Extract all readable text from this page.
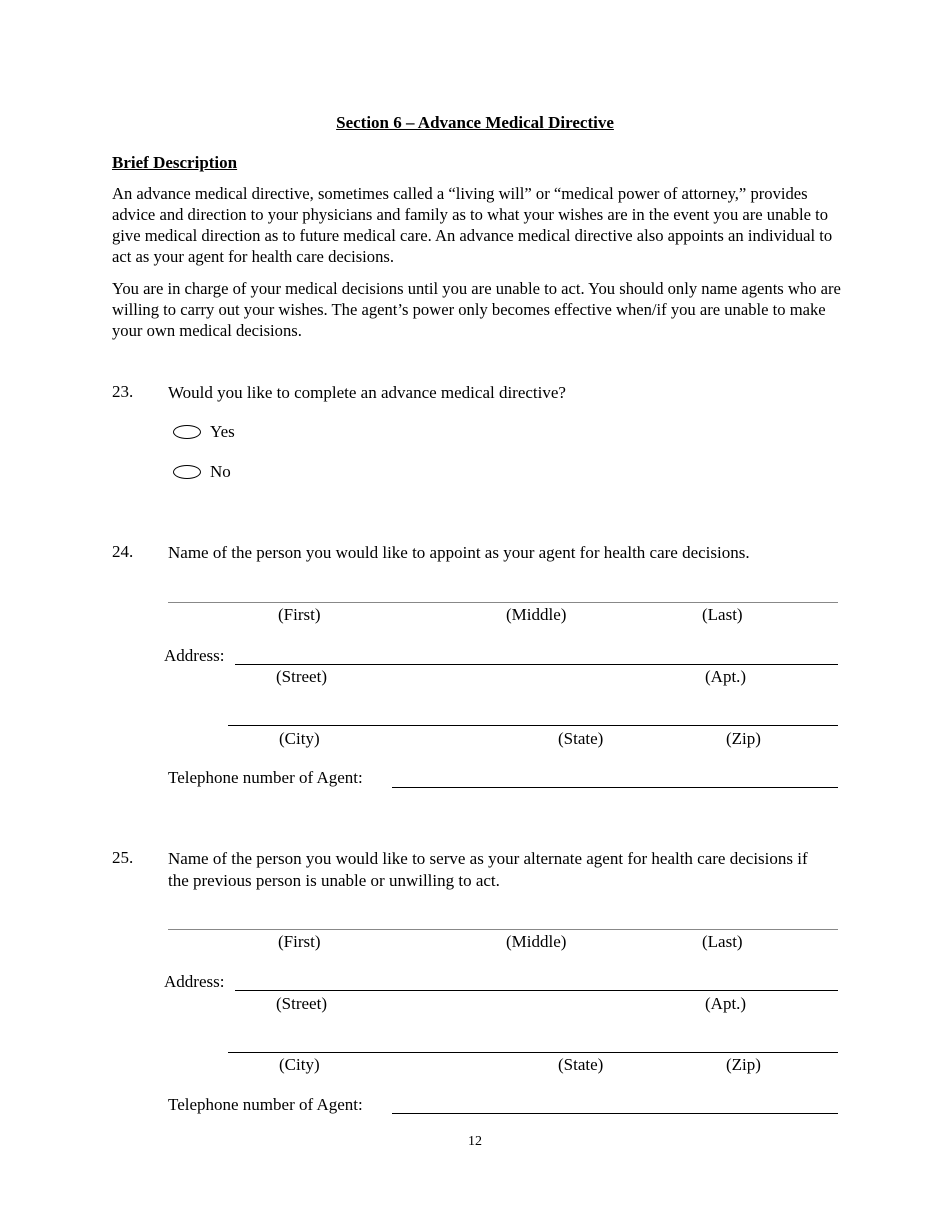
Section 6 – Advance Medical Directive
Brief Description
An advance medical directive, sometimes called a “living will” or “medical power of attorney,” provides advice and direction to your physicians and family as to what your wishes are in the event you are unable to give medical direction as to future medical care. An advance medical directive also appoints an individual to act as your agent for health care decisions.
You are in charge of your medical decisions until you are unable to act. You should only name agents who are willing to carry out your wishes. The agent’s power only becomes effective when/if you are unable to make your own medical decisions.
23. Would you like to complete an advance medical directive?
Yes
No
24. Name of the person you would like to appoint as your agent for health care decisions.
(First)	(Middle)	(Last)
Address:
(Street)	(Apt.)
(City)	(State)	(Zip)
Telephone number of Agent:
25. Name of the person you would like to serve as your alternate agent for health care decisions if the previous person is unable or unwilling to act.
(First)	(Middle)	(Last)
Address:
(Street)	(Apt.)
(City)	(State)	(Zip)
Telephone number of Agent:
12
